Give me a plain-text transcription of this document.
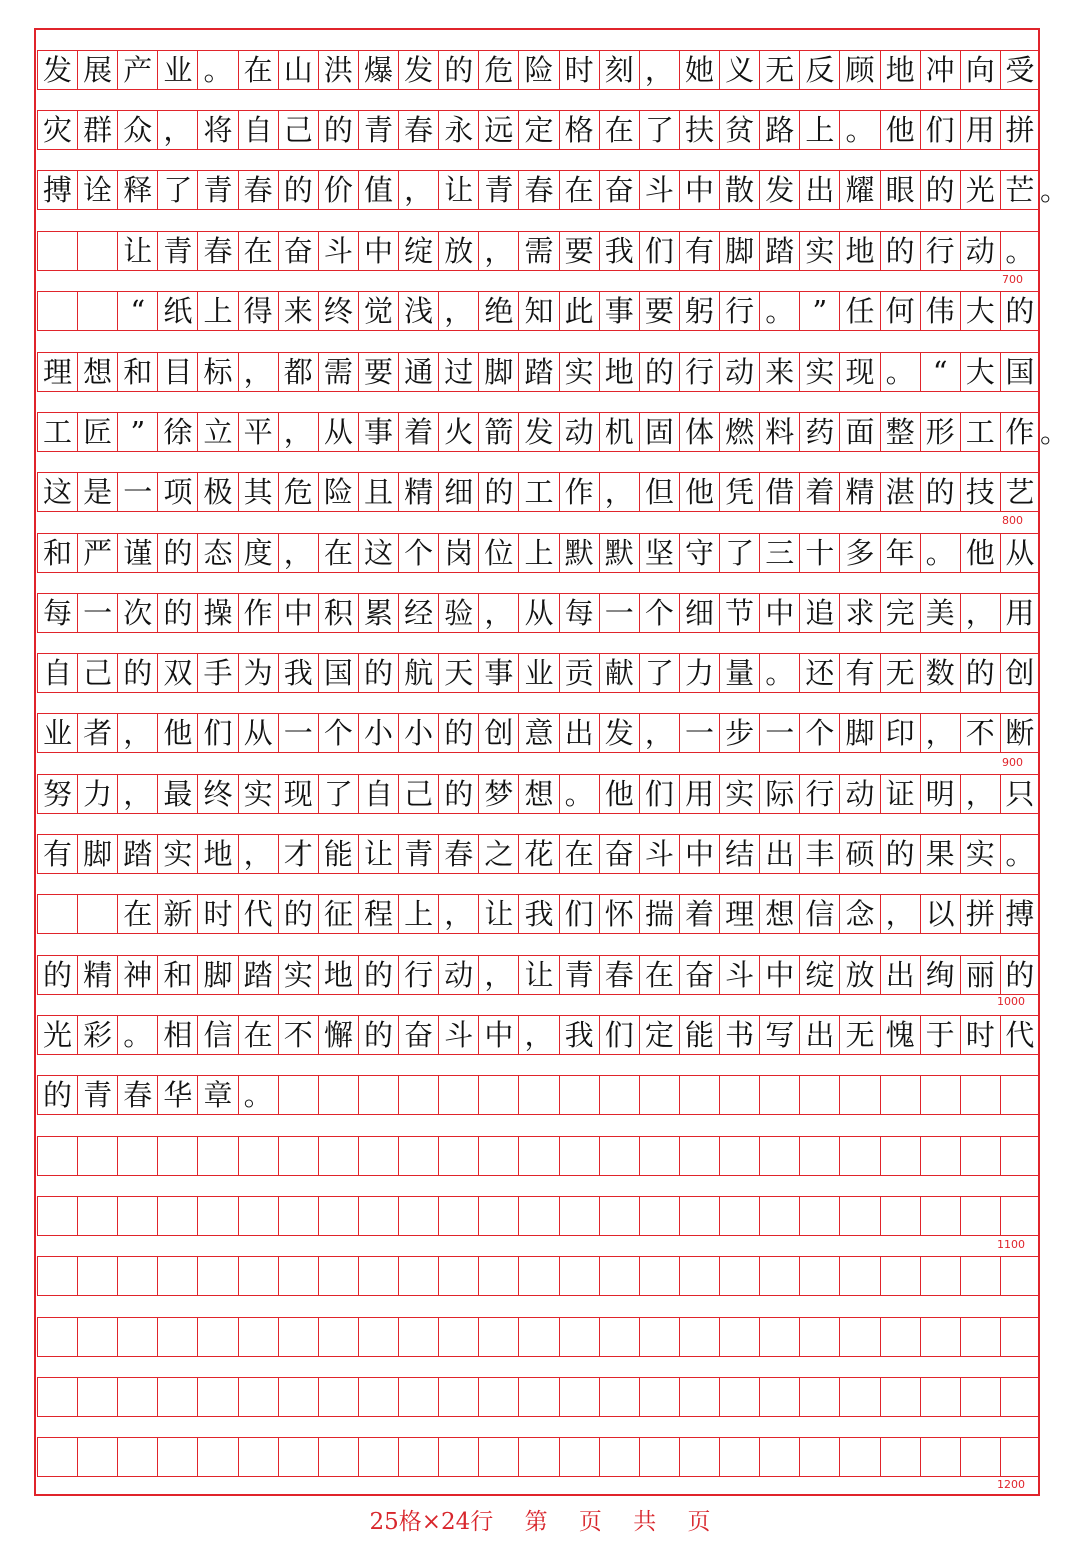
发 展 产 业 。 在 山 洪 爆 发 的 危 险 时 刻 ， 她 义 无 反 顾 地 冲 向 受
灾 群 众 ， 将 自 己 的 青 春 永 远 定 格 在 了 扶 贫 路 上 。 他 们 用 拼
搏 诠 释 了 青 春 的 价 值 ， 让 青 春 在 奋 斗 中 散 发 出 耀 眼 的 光 芒 。
让 青 春 在 奋 斗 中 绽 放 ， 需 要 我 们 有 脚 踏 实 地 的 行 动 。
“ 纸 上 得 来 终 觉 浅 ， 绝 知 此 事 要 躬 行 。 ” 任 何 伟 大 的
理 想 和 目 标 ， 都 需 要 通 过 脚 踏 实 地 的 行 动 来 实 现 。 “ 大 国
工 匠 ” 徐 立 平 ， 从 事 着 火 箭 发 动 机 固 体 燃 料 药 面 整 形 工 作 。
这 是 一 项 极 其 危 险 且 精 细 的 工 作 ， 但 他 凭 借 着 精 湛 的 技 艺
和 严 谨 的 态 度 ， 在 这 个 岗 位 上 默 默 坚 守 了 三 十 多 年 。 他 从
每 一 次 的 操 作 中 积 累 经 验 ， 从 每 一 个 细 节 中 追 求 完 美 ， 用
自 己 的 双 手 为 我 国 的 航 天 事 业 贡 献 了 力 量 。 还 有 无 数 的 创
业 者 ， 他 们 从 一 个 小 小 的 创 意 出 发 ， 一 步 一 个 脚 印 ， 不 断
努 力 ， 最 终 实 现 了 自 己 的 梦 想 。 他 们 用 实 际 行 动 证 明 ， 只
有 脚 踏 实 地 ， 才 能 让 青 春 之 花 在 奋 斗 中 结 出 丰 硕 的 果 实 。
在 新 时 代 的 征 程 上 ， 让 我 们 怀 揣 着 理 想 信 念 ， 以 拼 搏
的 精 神 和 脚 踏 实 地 的 行 动 ， 让 青 春 在 奋 斗 中 绽 放 出 绚 丽 的
光 彩 。 相 信 在 不 懈 的 奋 斗 中 ， 我 们 定 能 书 写 出 无 愧 于 时 代
的 青 春 华 章 。
25格×24行 第 页 共 页
700
800
900
1000
1100
1200
